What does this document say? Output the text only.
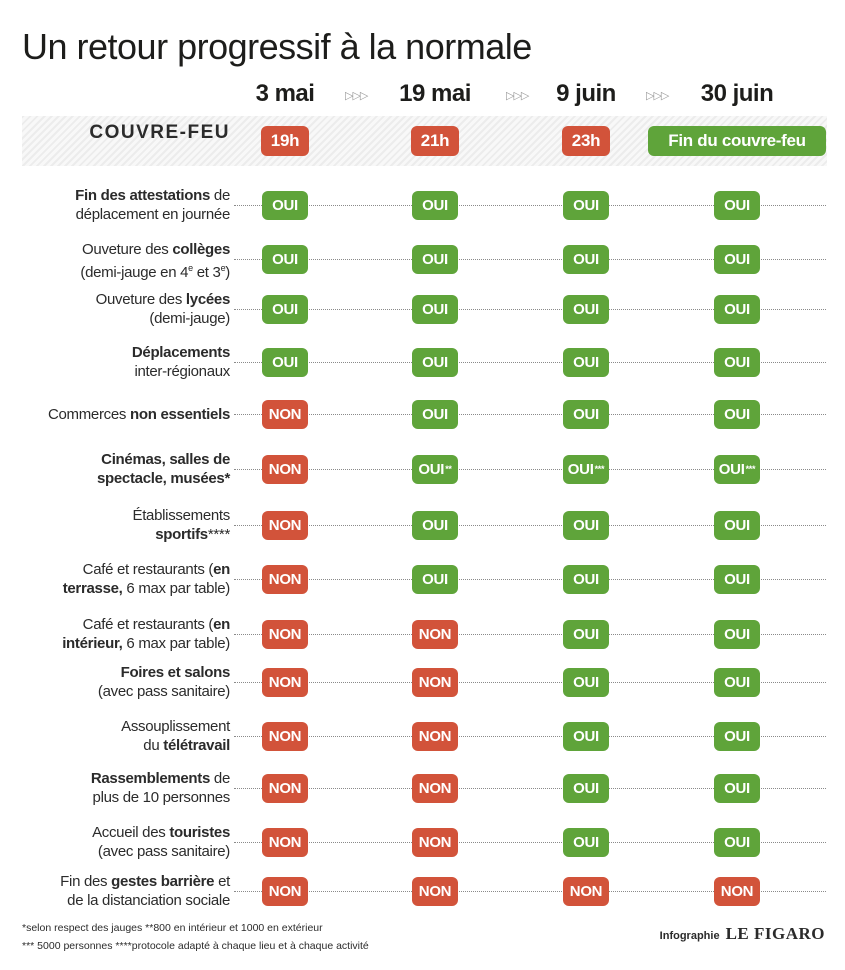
Un retour progressif à la normale
3 mai	19 mai	9 juin	30 juin
▷▷▷	▷▷▷	▷▷▷
COUVRE-FEU	19h	21h	23h	Fin du couvre-feu
Fin des attestations de
déplacement en journée
OUI	OUI	OUI	OUI
Ouveture des collèges
(demi-jauge en 4e et 3e)
OUI	OUI	OUI	OUI
Ouveture des lycées
(demi-jauge)
OUI	OUI	OUI	OUI
Déplacements
inter-régionaux
OUI	OUI	OUI	OUI
Commerces non essentiels	NON	OUI	OUI	OUI
Cinémas, salles de
spectacle, musées*
NON	OUI **	OUI ***	OUI ***
Établissements
sportifs****
NON	OUI	OUI	OUI
Café et restaurants (en
terrasse, 6 max par table)
NON	OUI	OUI	OUI
Café et restaurants (en
intérieur, 6 max par table)
NON	NON	OUI	OUI
Foires et salons
(avec pass sanitaire)
NON	NON	OUI	OUI
Assouplissement
du télétravail
NON	NON	OUI	OUI
Rassemblements de
plus de 10 personnes
NON	NON	OUI	OUI
Accueil des touristes
(avec pass sanitaire)
NON	NON	OUI	OUI
Fin des gestes barrière et
de la distanciation sociale
NON	NON	NON	NON
*selon respect des jauges **800 en intérieur et 1000 en extérieur
*** 5000 personnes ****protocole adapté à chaque lieu et à chaque activité
Infographie LE FIGARO
